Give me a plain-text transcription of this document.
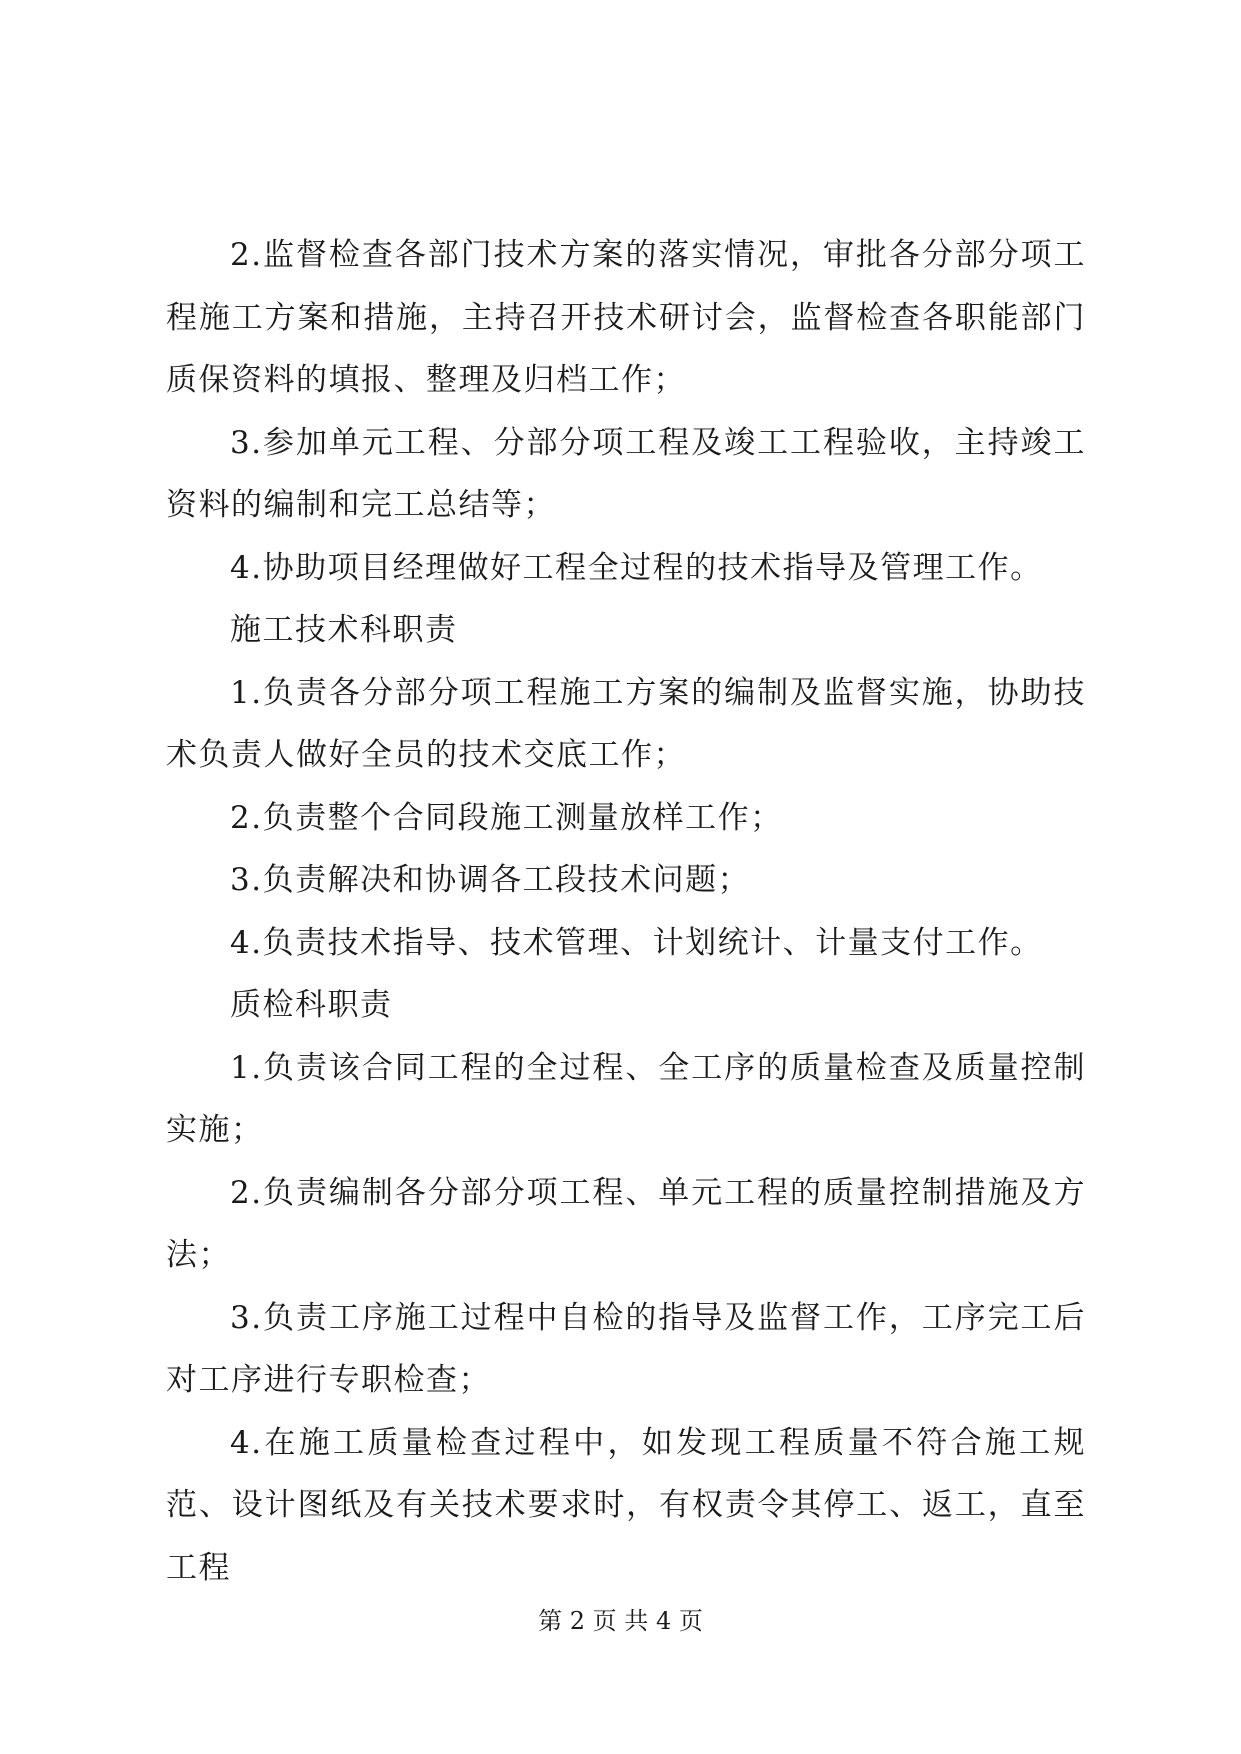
2.监督检查各部门技术方案的落实情况，审批各分部分项工程施工方案和措施，主持召开技术研讨会，监督检查各职能部门质保资料的填报、整理及归档工作；

3.参加单元工程、分部分项工程及竣工工程验收，主持竣工资料的编制和完工总结等；

4.协助项目经理做好工程全过程的技术指导及管理工作。

施工技术科职责

1.负责各分部分项工程施工方案的编制及监督实施，协助技术负责人做好全员的技术交底工作；

2.负责整个合同段施工测量放样工作；

3.负责解决和协调各工段技术问题；

4.负责技术指导、技术管理、计划统计、计量支付工作。

质检科职责

1.负责该合同工程的全过程、全工序的质量检查及质量控制实施；

2.负责编制各分部分项工程、单元工程的质量控制措施及方法；

3.负责工序施工过程中自检的指导及监督工作，工序完工后对工序进行专职检查；

4.在施工质量检查过程中，如发现工程质量不符合施工规范、设计图纸及有关技术要求时，有权责令其停工、返工，直至工程

第 2 页 共 4 页
